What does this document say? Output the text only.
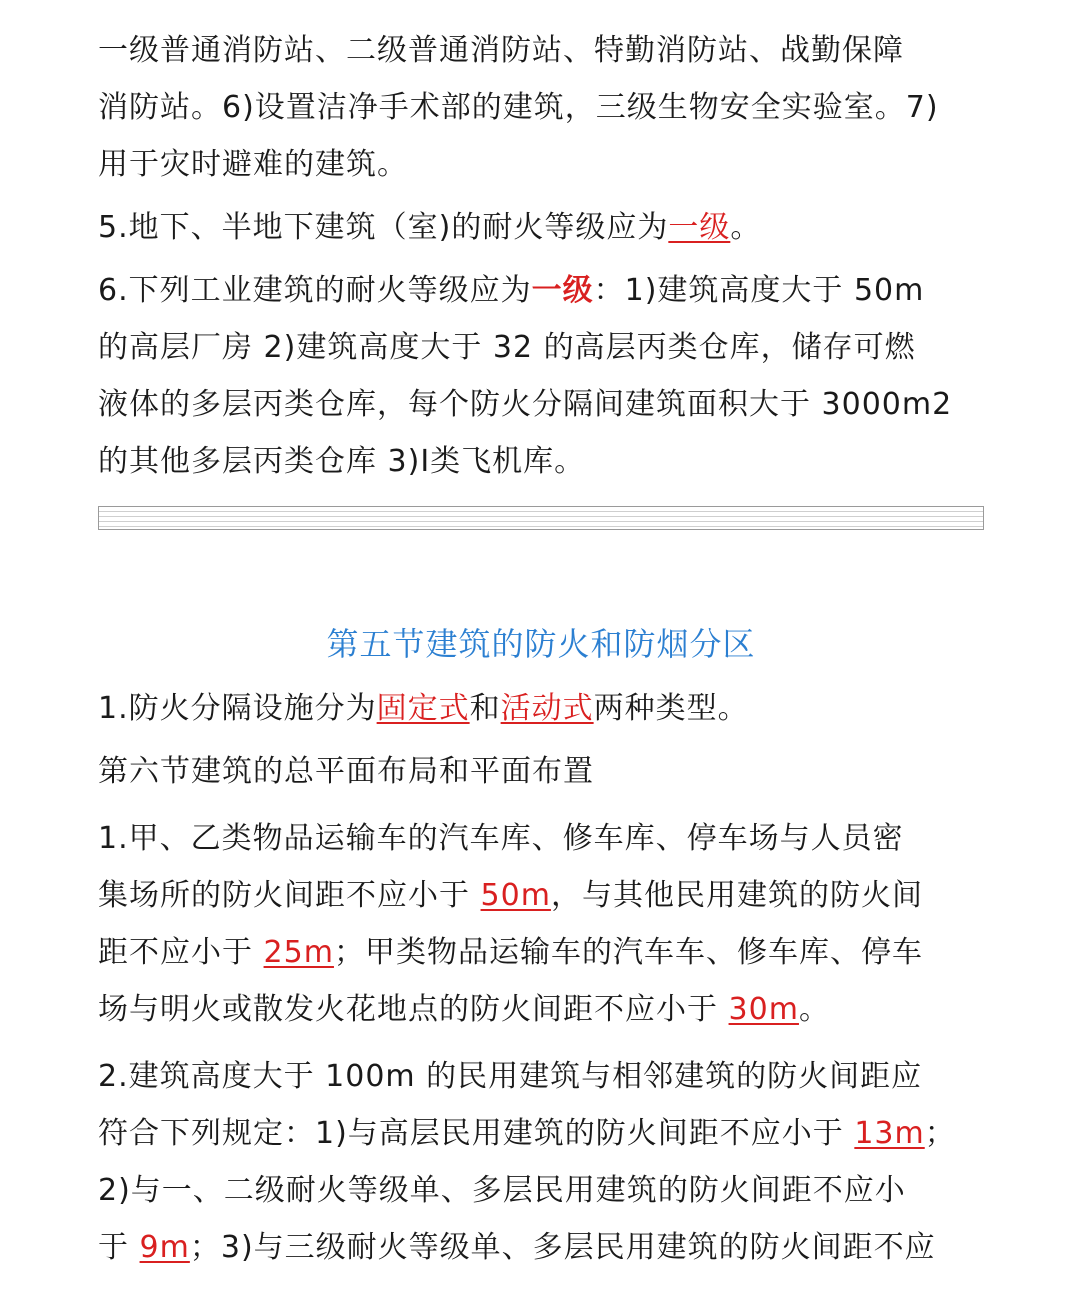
一级普通消防站、二级普通消防站、特勤消防站、战勤保障
消防站。6)设置洁净手术部的建筑，三级生物安全实验室。7)
用于灾时避难的建筑。
5.地下、半地下建筑（室)的耐火等级应为一级。
6.下列工业建筑的耐火等级应为一级：1)建筑高度大于 50m
的高层厂房 2)建筑高度大于 32 的高层丙类仓库，储存可燃
液体的多层丙类仓库，每个防火分隔间建筑面积大于 3000m2
的其他多层丙类仓库 3)Ⅰ类飞机库。
第五节建筑的防火和防烟分区
1.防火分隔设施分为固定式和活动式两种类型。
第六节建筑的总平面布局和平面布置
1.甲、乙类物品运输车的汽车库、修车库、停车场与人员密
集场所的防火间距不应小于 50m，与其他民用建筑的防火间
距不应小于 25m；甲类物品运输车的汽车车、修车库、停车
场与明火或散发火花地点的防火间距不应小于 30m。
2.建筑高度大于 100m 的民用建筑与相邻建筑的防火间距应
符合下列规定：1)与高层民用建筑的防火间距不应小于 13m；
2)与一、二级耐火等级单、多层民用建筑的防火间距不应小
于 9m；3)与三级耐火等级单、多层民用建筑的防火间距不应
